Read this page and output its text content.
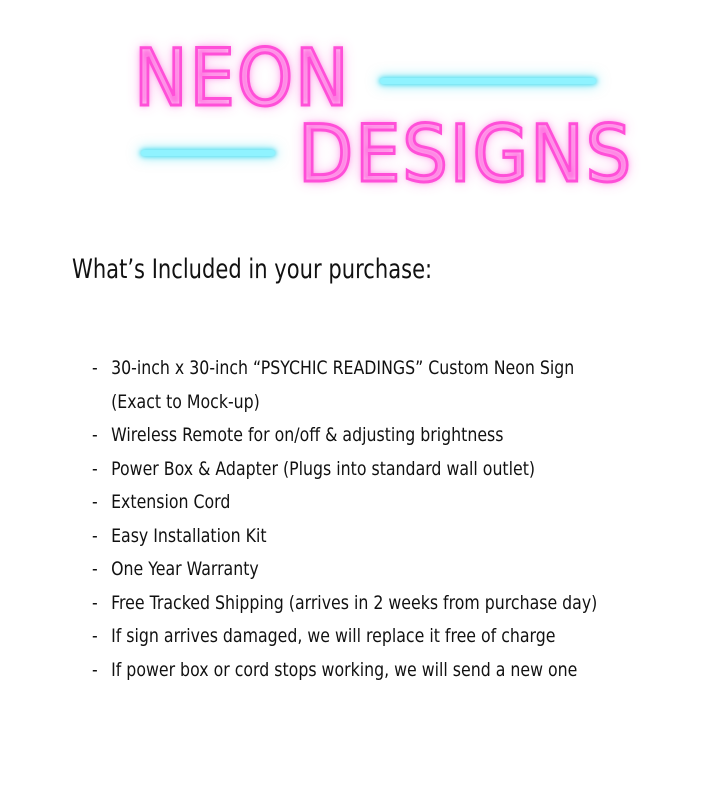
NEON
DESIGNS
What’s Included in your purchase:
- 30-inch x 30-inch “PSYCHIC READINGS” Custom Neon Sign
(Exact to Mock-up)
- Wireless Remote for on/off & adjusting brightness
- Power Box & Adapter (Plugs into standard wall outlet)
- Extension Cord
- Easy Installation Kit
- One Year Warranty
- Free Tracked Shipping (arrives in 2 weeks from purchase day)
- If sign arrives damaged, we will replace it free of charge
- If power box or cord stops working, we will send a new one
